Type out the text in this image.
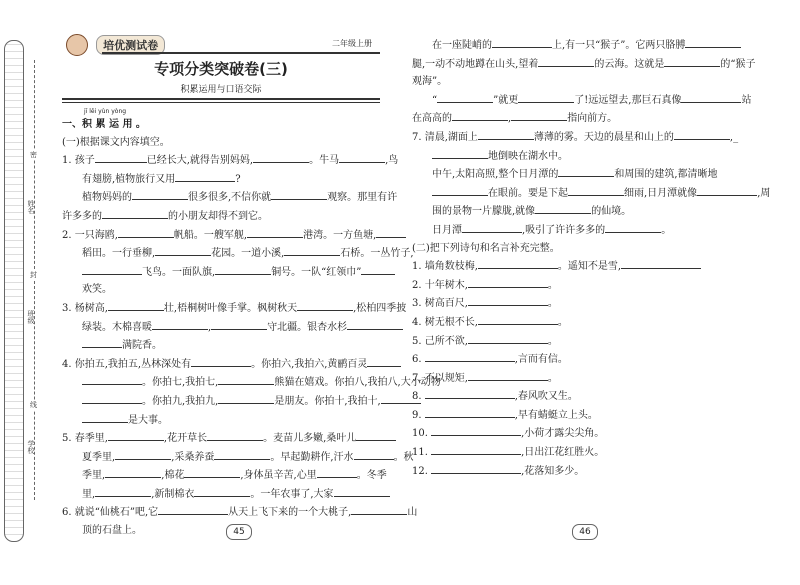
密
封
线
姓名
班级
学校
培优测试卷	二年级上册
专项分类突破卷(三)
积累运用与口语交际
jī lěi yùn yòng
一、积 累 运 用 。
(一)根据课文内容填空。
1. 孩子	已经长大,就得告别妈妈,	。牛马	,鸟
有翅膀,植物旅行又用	?
植物妈妈的	很多很多,不信你就	观察。那里有许
许多多的	的小朋友却得不到它。
2. 一只海鸥,	帆船。一艘军舰,	港湾。一方鱼塘,
稻田。一行垂柳,	花园。一道小溪,	石桥。一丛竹子,
飞鸟。一面队旗,	铜号。一队“红领巾”
欢笑。
3. 杨树高,	壮,梧桐树叶像手掌。枫树秋天	,松柏四季披
绿装。木棉喜暖	,	守北疆。银杏水杉
满院香。
4. 你拍五,我拍五,丛林深处有	。你拍六,我拍六,黄鹂百灵
。你拍七,我拍七,	熊猫在嬉戏。你拍八,我拍八,大小动物
。你拍九,我拍九,	是朋友。你拍十,我拍十,
是大事。
5. 春季里,	,花开草长	。麦苗儿多嫩,桑叶儿
夏季里,	,采桑养蚕	。早起勤耕作,汗水	。秋
季里,	,棉花	,身体虽辛苦,心里	。冬季
里,	,新制棉衣	。一年农事了,大家
6. 就说“仙桃石”吧,它	从天上飞下来的一个大桃子,	山
顶的石盘上。
在一座陡峭的	上,有一只“猴子”。它两只胳膊
腿,一动不动地蹲在山头,望着	的云海。这就是	的“猴子
观海”。
“	”就更	了!远远望去,那巨石真像	站
在高高的	,	指向前方。
7. 清晨,湖面上	薄薄的雾。天边的晨星和山上的	,_
地倒映在湖水中。
中午,太阳高照,整个日月潭的	和周围的建筑,都清晰地
在眼前。要是下起	细雨,日月潭就像	,周
围的景物一片朦胧,就像	的仙境。
日月潭	,吸引了许许多多的	。
(二)把下列诗句和名言补充完整。
1. 墙角数枝梅,	。遥知不是雪,
2. 十年树木,	。
3. 树高百尺,	。
4. 树无根不长,	。
5. 己所不欲,	。
6.	,言而有信。
7. 不以规矩,	。
8.	,春风吹又生。
9.	,早有蜻蜓立上头。
10.	,小荷才露尖尖角。
11.	,日出江花红胜火。
12.	,花落知多少。
45	46
